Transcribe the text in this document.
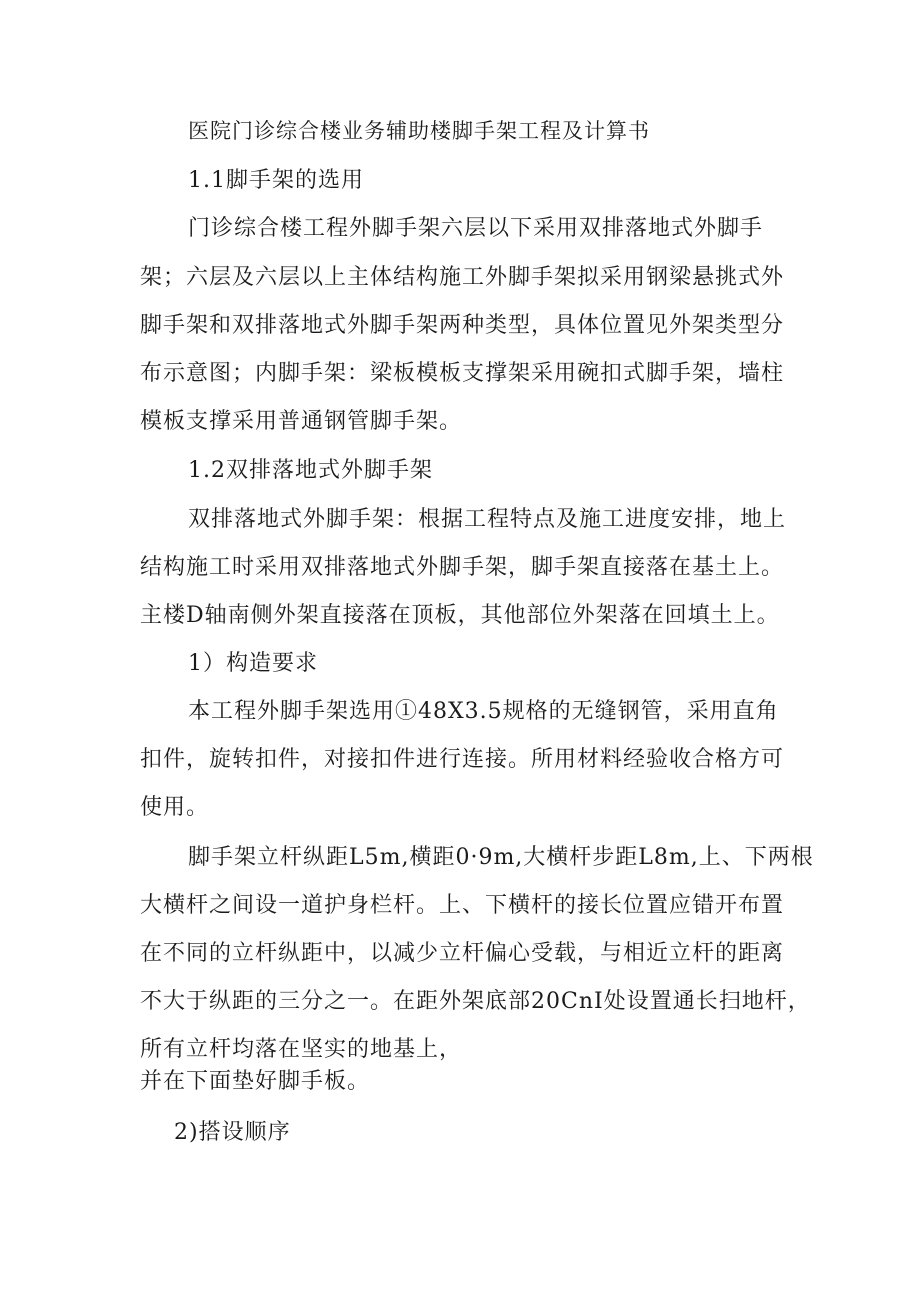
医院门诊综合楼业务辅助楼脚手架工程及计算书
1.1脚手架的选用
门诊综合楼工程外脚手架六层以下采用双排落地式外脚手
架；六层及六层以上主体结构施工外脚手架拟采用钢梁悬挑式外
脚手架和双排落地式外脚手架两种类型，具体位置见外架类型分
布示意图；内脚手架：梁板模板支撑架采用碗扣式脚手架，墙柱
模板支撑采用普通钢管脚手架。
1.2双排落地式外脚手架
双排落地式外脚手架：根据工程特点及施工进度安排，地上
结构施工时采用双排落地式外脚手架，脚手架直接落在基土上。
主楼D轴南侧外架直接落在顶板，其他部位外架落在回填土上。
1）构造要求
本工程外脚手架选用①48X3.5规格的无缝钢管，采用直角
扣件，旋转扣件，对接扣件进行连接。所用材料经验收合格方可
使用。
脚手架立杆纵距L5m,横距0·9m,大横杆步距L8m,上、下两根
大横杆之间设一道护身栏杆。上、下横杆的接长位置应错开布置
在不同的立杆纵距中，以减少立杆偏心受载，与相近立杆的距离
不大于纵距的三分之一。在距外架底部20CnI处设置通长扫地杆，
所有立杆均落在坚实的地基上，
并在下面垫好脚手板。
2)搭设顺序
